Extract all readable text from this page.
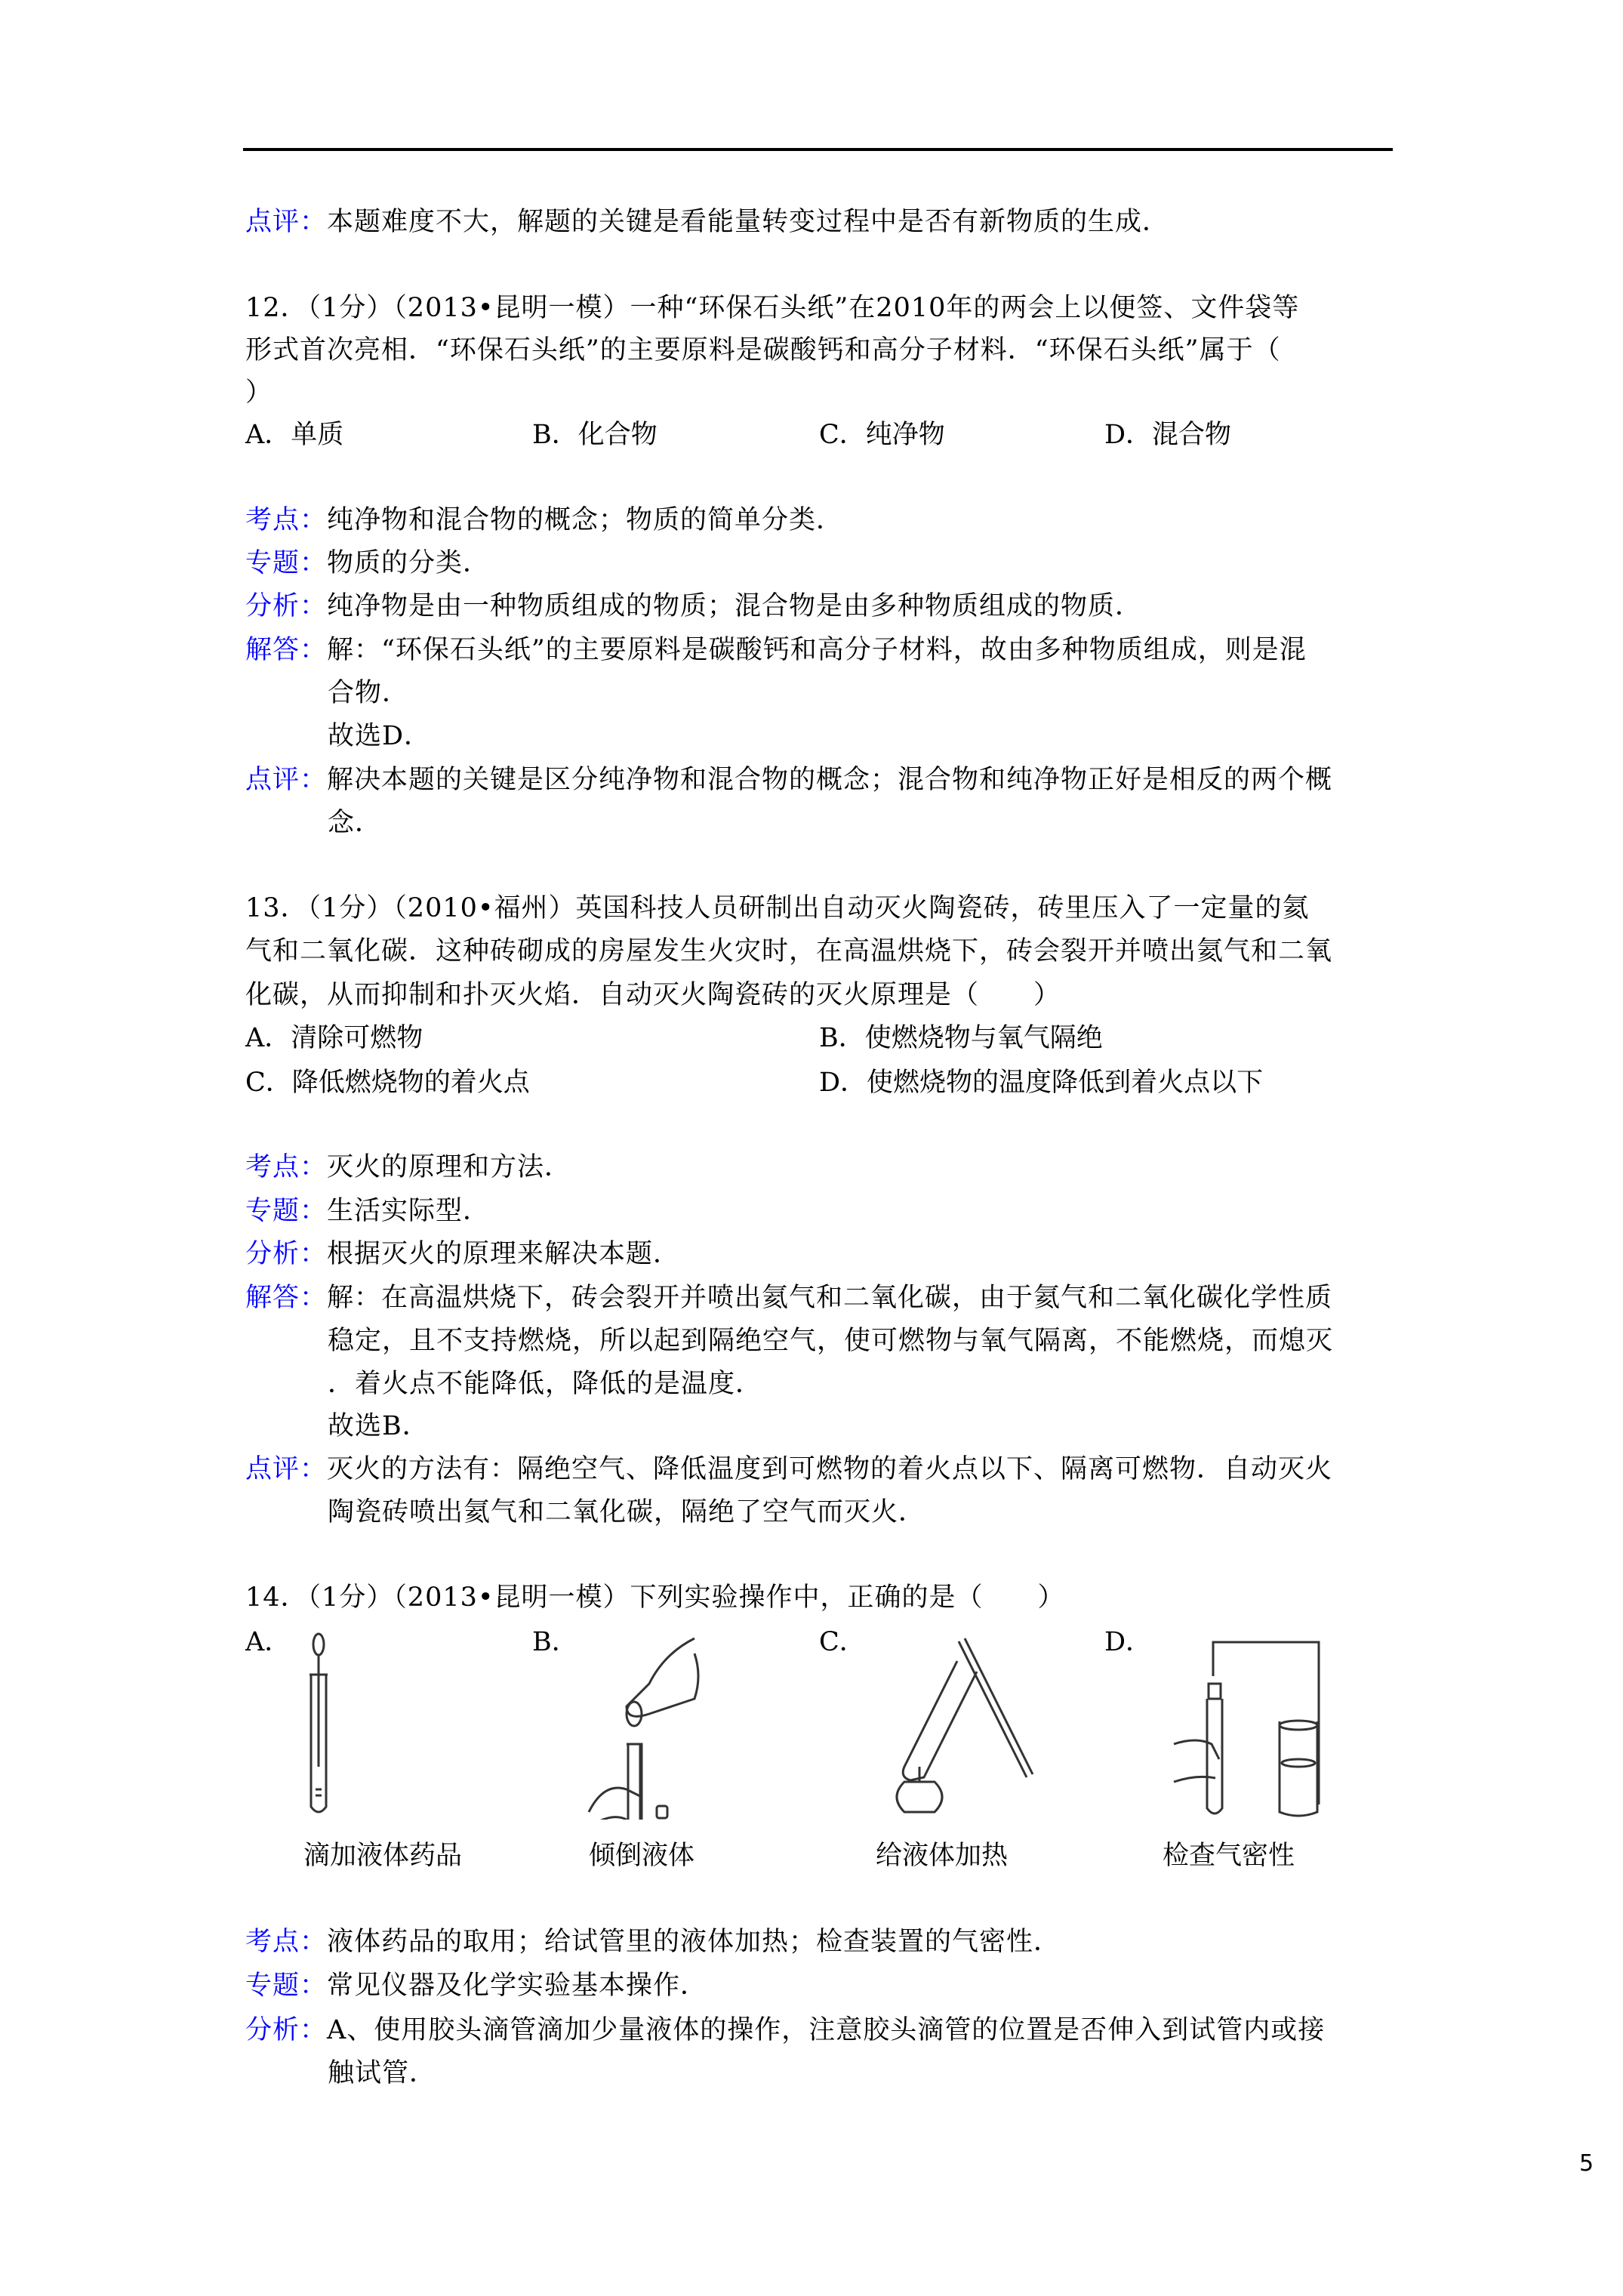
点评：本题难度不大，解题的关键是看能量转变过程中是否有新物质的生成．
12．（1分）（2013•昆明一模）一种“环保石头纸”在2010年的两会上以便签、文件袋等
形式首次亮相．“环保石头纸”的主要原料是碳酸钙和高分子材料．“环保石头纸”属于（
）
A．单质	B．化合物	C．纯净物	D．混合物
考点：纯净物和混合物的概念；物质的简单分类．
专题：物质的分类．
分析：纯净物是由一种物质组成的物质；混合物是由多种物质组成的物质．
解答：解：“环保石头纸”的主要原料是碳酸钙和高分子材料，故由多种物质组成，则是混
合物．
故选D．
点评：解决本题的关键是区分纯净物和混合物的概念；混合物和纯净物正好是相反的两个概
念．
13．（1分）（2010•福州）英国科技人员研制出自动灭火陶瓷砖，砖里压入了一定量的氦
气和二氧化碳．这种砖砌成的房屋发生火灾时，在高温烘烧下，砖会裂开并喷出氦气和二氧
化碳，从而抑制和扑灭火焰．自动灭火陶瓷砖的灭火原理是（　　）
A．清除可燃物	B．使燃烧物与氧气隔绝
C．降低燃烧物的着火点	D．使燃烧物的温度降低到着火点以下
考点：灭火的原理和方法．
专题：生活实际型．
分析：根据灭火的原理来解决本题．
解答：解：在高温烘烧下，砖会裂开并喷出氦气和二氧化碳，由于氦气和二氧化碳化学性质
稳定，且不支持燃烧，所以起到隔绝空气，使可燃物与氧气隔离，不能燃烧，而熄灭
．着火点不能降低，降低的是温度．
故选B．
点评：灭火的方法有：隔绝空气、降低温度到可燃物的着火点以下、隔离可燃物．自动灭火
陶瓷砖喷出氦气和二氧化碳，隔绝了空气而灭火．
14．（1分）（2013•昆明一模）下列实验操作中，正确的是（　　）
A．	B．	C．	D．
滴加液体药品	倾倒液体	给液体加热	检查气密性
考点：液体药品的取用；给试管里的液体加热；检查装置的气密性．
专题：常见仪器及化学实验基本操作．
分析：A、使用胶头滴管滴加少量液体的操作，注意胶头滴管的位置是否伸入到试管内或接
触试管．
5
